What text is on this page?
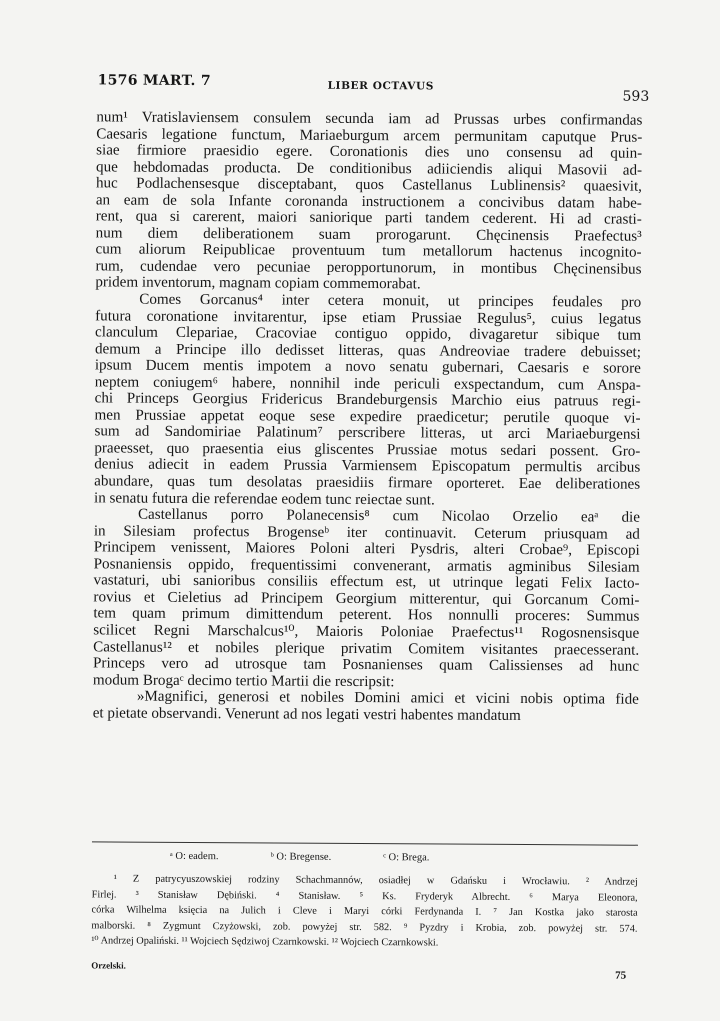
1576 MART. 7	LIBER OCTAVUS
593
num¹ Vratislaviensem consulem secunda iam ad Prussas urbes confirmandas
Caesaris legatione functum, Mariaeburgum arcem permunitam caputque Prus-
siae firmiore praesidio egere. Coronationis dies uno consensu ad quin-
que hebdomadas producta. De conditionibus adiiciendis aliqui Masovii ad-
huc Podlachensesque disceptabant, quos Castellanus Lublinensis² quaesivit,
an eam de sola Infante coronanda instructionem a concivibus datam habe-
rent, qua si carerent, maiori saniorique parti tandem cederent. Hi ad crasti-
num diem deliberationem suam prorogarunt. Chęcinensis Praefectus³
cum aliorum Reipublicae proventuum tum metallorum hactenus incognito-
rum, cudendae vero pecuniae peropportunorum, in montibus Chęcinensibus
pridem inventorum, magnam copiam commemorabat.
Comes Gorcanus⁴ inter cetera monuit, ut principes feudales pro
futura coronatione invitarentur, ipse etiam Prussiae Regulus⁵, cuius legatus
clanculum Clepariae, Cracoviae contiguo oppido, divagaretur sibique tum
demum a Principe illo dedisset litteras, quas Andreoviae tradere debuisset;
ipsum Ducem mentis impotem a novo senatu gubernari, Caesaris e sorore
neptem coniugem⁶ habere, nonnihil inde periculi exspectandum, cum Anspa-
chi Princeps Georgius Fridericus Brandeburgensis Marchio eius patruus regi-
men Prussiae appetat eoque sese expedire praedicetur; perutile quoque vi-
sum ad Sandomiriae Palatinum⁷ perscribere litteras, ut arci Mariaeburgensi
praeesset, quo praesentia eius gliscentes Prussiae motus sedari possent. Gro-
denius adiecit in eadem Prussia Varmiensem Episcopatum permultis arcibus
abundare, quas tum desolatas praesidiis firmare oporteret. Eae deliberationes
in senatu futura die referendae eodem tunc reiectae sunt.
Castellanus porro Polanecensis⁸ cum Nicolao Orzelio eaᵃ die
in Silesiam profectus Brogenseᵇ iter continuavit. Ceterum priusquam ad
Principem venissent, Maiores Poloni alteri Pysdris, alteri Crobae⁹, Episcopi
Posnaniensis oppido, frequentissimi convenerant, armatis agminibus Silesiam
vastaturi, ubi sanioribus consiliis effectum est, ut utrinque legati Felix Iacto-
rovius et Cieletius ad Principem Georgium mitterentur, qui Gorcanum Comi-
tem quam primum dimittendum peterent. Hos nonnulli proceres: Summus
scilicet Regni Marschalcus¹⁰, Maioris Poloniae Praefectus¹¹ Rogosnensisque
Castellanus¹² et nobiles plerique privatim Comitem visitantes praecesserant.
Princeps vero ad utrosque tam Posnanienses quam Calissienses ad hunc
modum Brogaᶜ decimo tertio Martii die rescripsit:
»Magnifici, generosi et nobiles Domini amici et vicini nobis optima fide
et pietate observandi. Venerunt ad nos legati vestri habentes mandatum
ᵃ O: eadem.	ᵇ O: Bregense.	ᶜ O: Brega.
¹ Z patrycyuszowskiej rodziny Schachmannów, osiadłej w Gdańsku i Wrocławiu. ² Andrzej
Firlej. ³ Stanisław Dębiński. ⁴ Stanisław. ⁵ Ks. Fryderyk Albrecht. ⁶ Marya Eleonora,
córka Wilhelma księcia na Julich i Cleve i Maryi córki Ferdynanda I. ⁷ Jan Kostka jako starosta
malborski. ⁸ Zygmunt Czyżowski, zob. powyżej str. 582. ⁹ Pyzdry i Krobia, zob. powyżej str. 574.
¹⁰ Andrzej Opaliński. ¹¹ Wojciech Sędziwoj Czarnkowski. ¹² Wojciech Czarnkowski.
Orzelski.
75
